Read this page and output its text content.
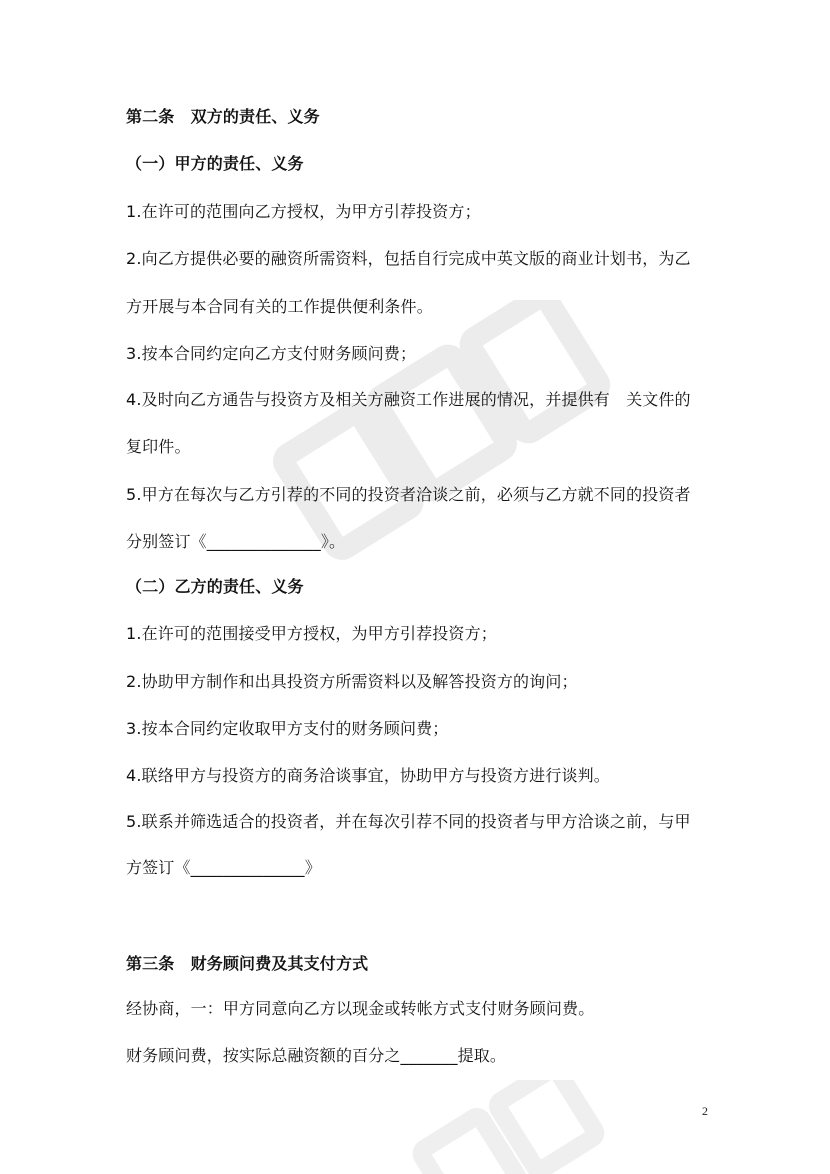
第二条　双方的责任、义务
（一）甲方的责任、义务
1.在许可的范围向乙方授权，为甲方引荐投资方；
2.向乙方提供必要的融资所需资料，包括自行完成中英文版的商业计划书，为乙
方开展与本合同有关的工作提供便利条件。
3.按本合同约定向乙方支付财务顾问费；
4.及时向乙方通告与投资方及相关方融资工作进展的情况，并提供有　关文件的
复印件。
5.甲方在每次与乙方引荐的不同的投资者洽谈之前，必须与乙方就不同的投资者
分别签订《______________》。
（二）乙方的责任、义务
1.在许可的范围接受甲方授权，为甲方引荐投资方；
2.协助甲方制作和出具投资方所需资料以及解答投资方的询问；
3.按本合同约定收取甲方支付的财务顾问费；
4.联络甲方与投资方的商务洽谈事宜，协助甲方与投资方进行谈判。
5.联系并筛选适合的投资者，并在每次引荐不同的投资者与甲方洽谈之前，与甲
方签订《______________》
第三条　财务顾问费及其支付方式
经协商，一：甲方同意向乙方以现金或转帐方式支付财务顾问费。
财务顾问费，按实际总融资额的百分之_______提取。
2
